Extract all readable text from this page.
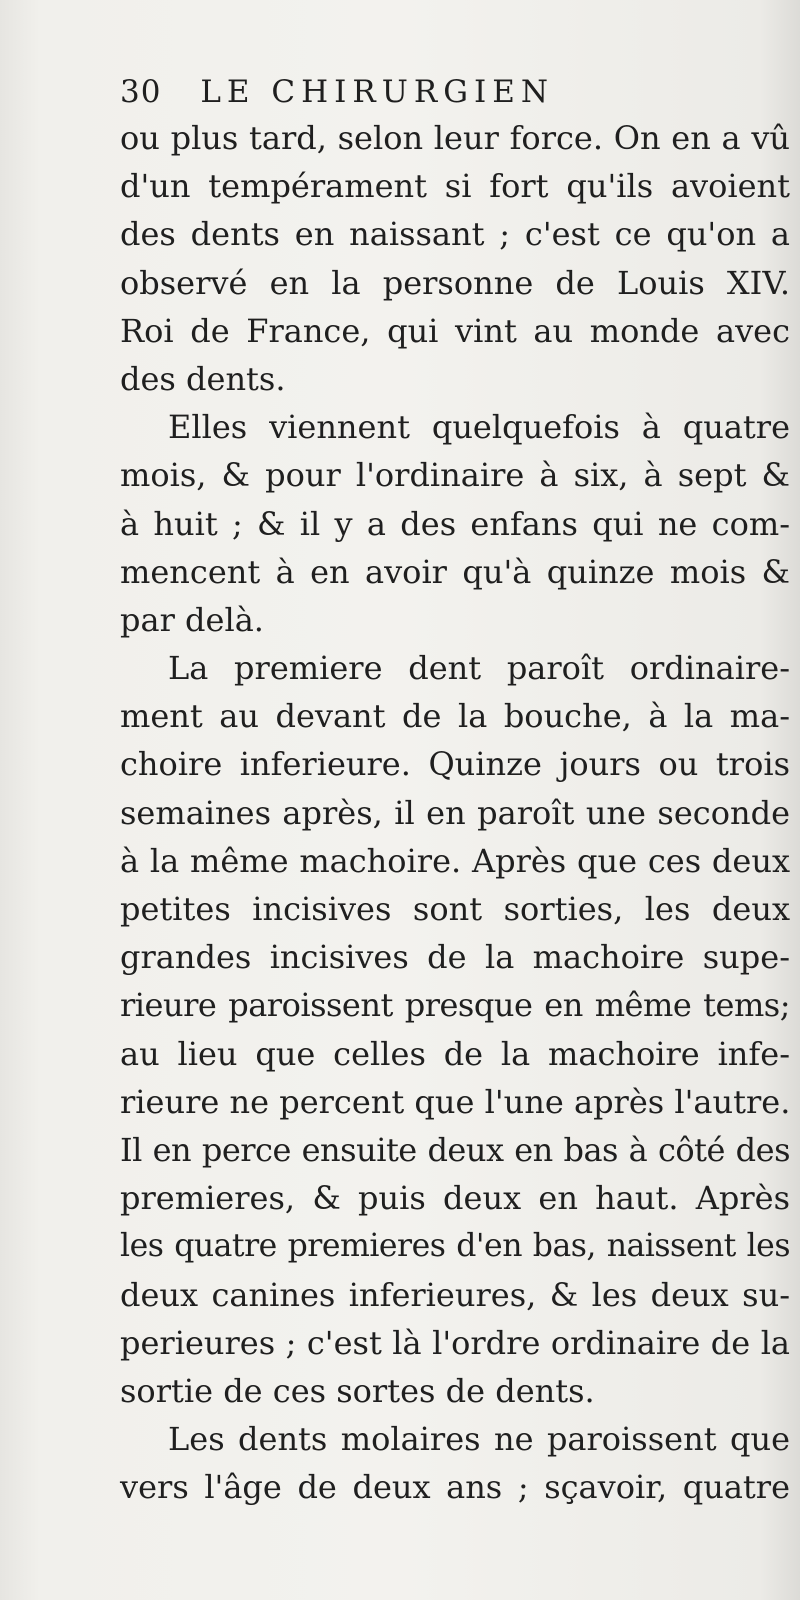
30 LE CHIRURGIEN
ou plus tard, selon leur force. On en a vû
d'un tempérament si fort qu'ils avoient
des dents en naissant ; c'est ce qu'on a
observé en la personne de Louis XIV.
Roi de France, qui vint au monde avec
des dents.
Elles viennent quelquefois à quatre
mois, & pour l'ordinaire à six, à sept &
à huit ; & il y a des enfans qui ne com-
mencent à en avoir qu'à quinze mois &
par delà.
La premiere dent paroît ordinaire-
ment au devant de la bouche, à la ma-
choire inferieure. Quinze jours ou trois
semaines après, il en paroît une seconde
à la même machoire. Après que ces deux
petites incisives sont sorties, les deux
grandes incisives de la machoire supe-
rieure paroissent presque en même tems;
au lieu que celles de la machoire infe-
rieure ne percent que l'une après l'autre.
Il en perce ensuite deux en bas à côté des
premieres, & puis deux en haut. Après
les quatre premieres d'en bas, naissent les
deux canines inferieures, & les deux su-
perieures ; c'est là l'ordre ordinaire de la
sortie de ces sortes de dents.
Les dents molaires ne paroissent que
vers l'âge de deux ans ; sçavoir, quatre
